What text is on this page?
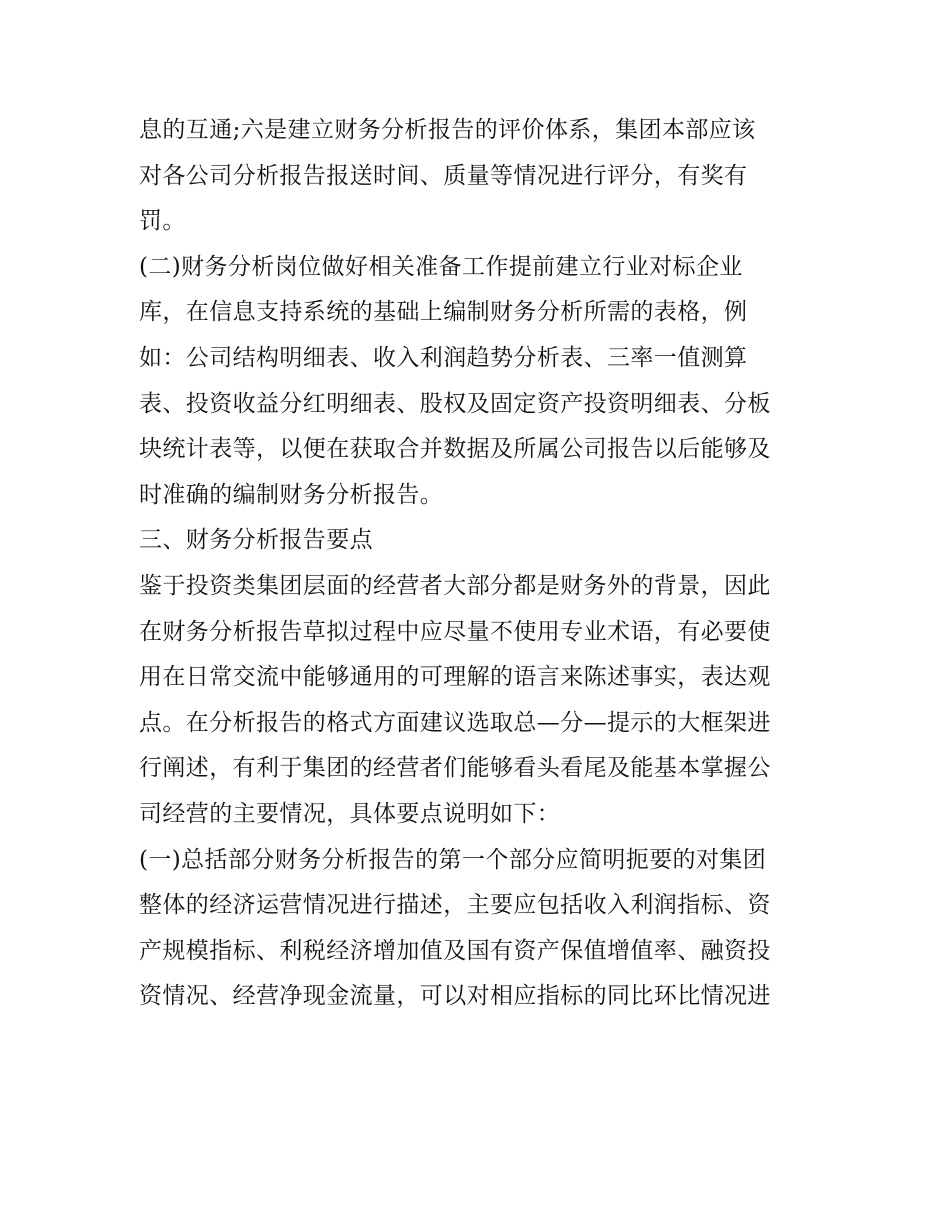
息的互通;六是建立财务分析报告的评价体系，集团本部应该
对各公司分析报告报送时间、质量等情况进行评分，有奖有
罚。
(二)财务分析岗位做好相关准备工作提前建立行业对标企业
库，在信息支持系统的基础上编制财务分析所需的表格，例
如：公司结构明细表、收入利润趋势分析表、三率一值测算
表、投资收益分红明细表、股权及固定资产投资明细表、分板
块统计表等，以便在获取合并数据及所属公司报告以后能够及
时准确的编制财务分析报告。
三、财务分析报告要点
鉴于投资类集团层面的经营者大部分都是财务外的背景，因此
在财务分析报告草拟过程中应尽量不使用专业术语，有必要使
用在日常交流中能够通用的可理解的语言来陈述事实，表达观
点。在分析报告的格式方面建议选取总—分—提示的大框架进
行阐述，有利于集团的经营者们能够看头看尾及能基本掌握公
司经营的主要情况，具体要点说明如下：
(一)总括部分财务分析报告的第一个部分应简明扼要的对集团
整体的经济运营情况进行描述，主要应包括收入利润指标、资
产规模指标、利税经济增加值及国有资产保值增值率、融资投
资情况、经营净现金流量，可以对相应指标的同比环比情况进
